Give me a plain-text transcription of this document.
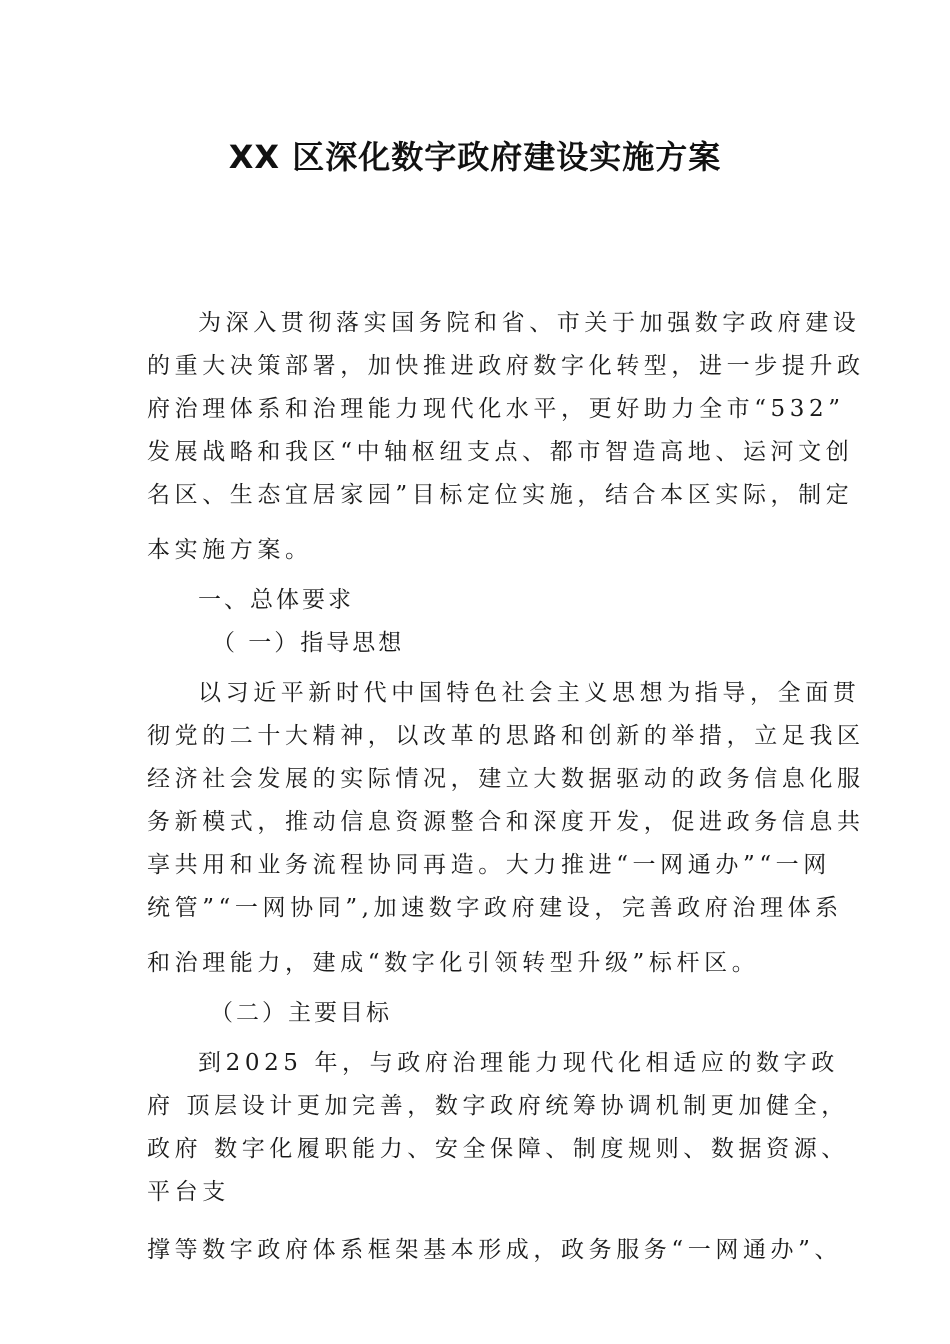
XX 区深化数字政府建设实施方案
为深入贯彻落实国务院和省、市关于加强数字政府建设
的重大决策部署，加快推进政府数字化转型，进一步提升政
府治理体系和治理能力现代化水平，更好助力全市“532”
发展战略和我区“中轴枢纽支点、都市智造高地、运河文创
名区、生态宜居家园”目标定位实施，结合本区实际，制定
本实施方案。
一、总体要求
（ 一）指导思想
以习近平新时代中国特色社会主义思想为指导，全面贯
彻党的二十大精神，以改革的思路和创新的举措，立足我区
经济社会发展的实际情况，建立大数据驱动的政务信息化服
务新模式，推动信息资源整合和深度开发，促进政务信息共
享共用和业务流程协同再造。大力推进“一网通办”“一网
统管”“一网协同”,加速数字政府建设，完善政府治理体系
和治理能力，建成“数字化引领转型升级”标杆区。
（二）主要目标
到2025 年，与政府治理能力现代化相适应的数字政
府 顶层设计更加完善，数字政府统筹协调机制更加健全，
政府 数字化履职能力、安全保障、制度规则、数据资源、
平台支
撑等数字政府体系框架基本形成，政务服务“一网通办”、
